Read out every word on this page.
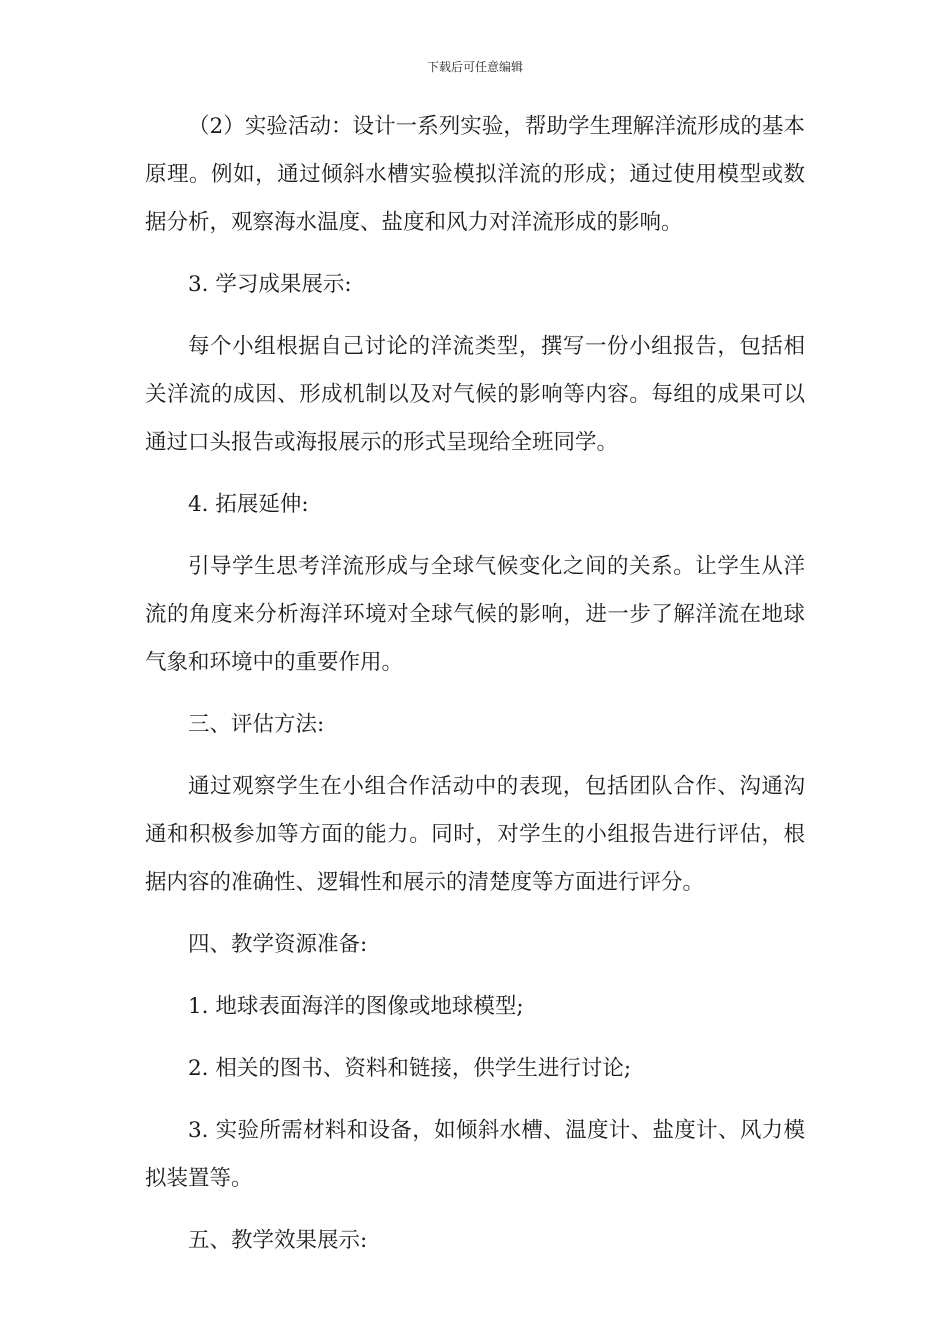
下载后可任意编辑

（2）实验活动：设计一系列实验，帮助学生理解洋流形成的基本原理。例如，通过倾斜水槽实验模拟洋流的形成；通过使用模型或数据分析，观察海水温度、盐度和风力对洋流形成的影响。

3. 学习成果展示:

每个小组根据自己讨论的洋流类型，撰写一份小组报告，包括相关洋流的成因、形成机制以及对气候的影响等内容。每组的成果可以通过口头报告或海报展示的形式呈现给全班同学。

4. 拓展延伸:

引导学生思考洋流形成与全球气候变化之间的关系。让学生从洋流的角度来分析海洋环境对全球气候的影响，进一步了解洋流在地球气象和环境中的重要作用。

三、评估方法:

通过观察学生在小组合作活动中的表现，包括团队合作、沟通沟通和积极参加等方面的能力。同时，对学生的小组报告进行评估，根据内容的准确性、逻辑性和展示的清楚度等方面进行评分。

四、教学资源准备:

1. 地球表面海洋的图像或地球模型;

2. 相关的图书、资料和链接，供学生进行讨论;

3. 实验所需材料和设备，如倾斜水槽、温度计、盐度计、风力模拟装置等。

五、教学效果展示:
